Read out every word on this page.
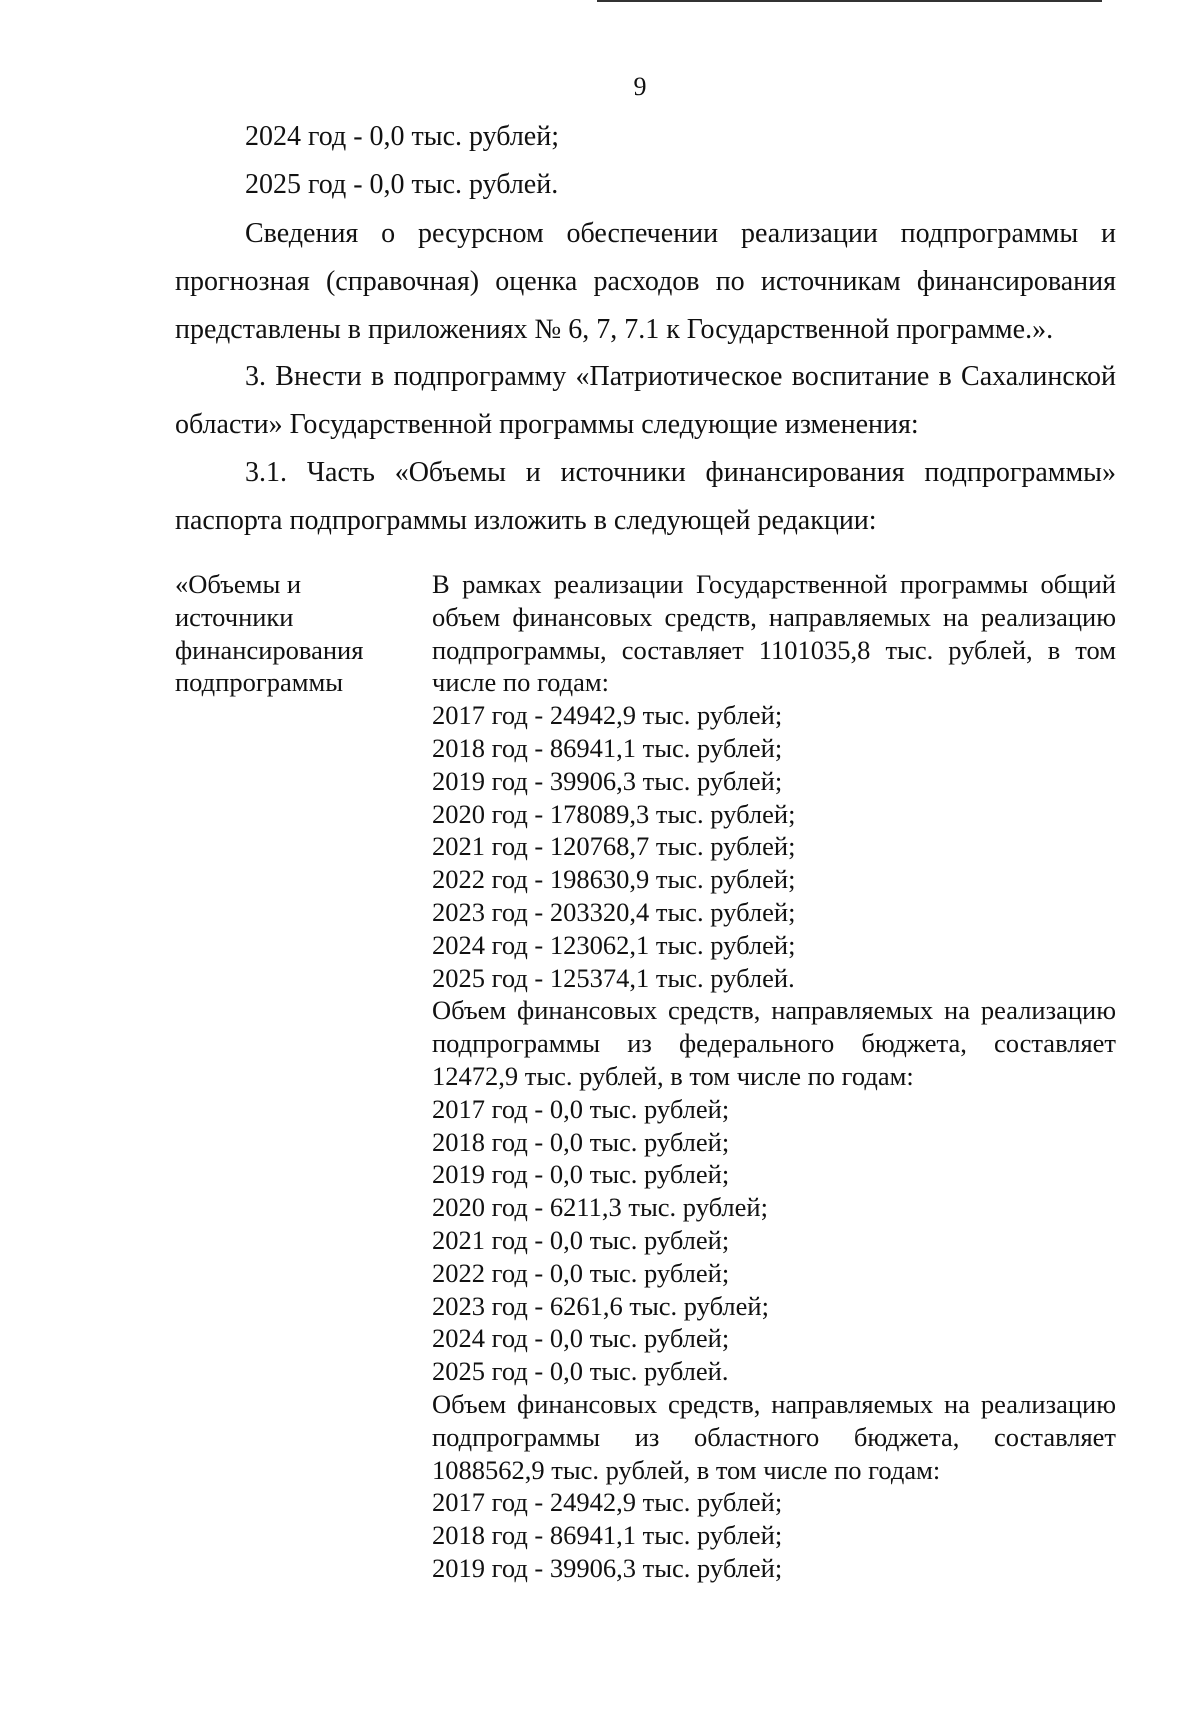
9

2024 год - 0,0 тыс. рублей;

2025 год - 0,0 тыс. рублей.

Сведения о ресурсном обеспечении реализации подпрограммы и прогнозная (справочная) оценка расходов по источникам финансирования представлены в приложениях № 6, 7, 7.1 к Государственной программе.».

3. Внести в подпрограмму «Патриотическое воспитание в Сахалинской области» Государственной программы следующие изменения:

3.1. Часть «Объемы и источники финансирования подпрограммы» паспорта подпрограммы изложить в следующей редакции:

«Объемы и
источники
финансирования
подпрограммы

В рамках реализации Государственной программы общий объем финансовых средств, направляемых на реализацию подпрограммы, составляет 1101035,8 тыс. рублей, в том числе по годам:

2017 год - 24942,9 тыс. рублей;

2018 год - 86941,1 тыс. рублей;

2019 год - 39906,3 тыс. рублей;

2020 год - 178089,3 тыс. рублей;

2021 год - 120768,7 тыс. рублей;

2022 год - 198630,9 тыс. рублей;

2023 год - 203320,4 тыс. рублей;

2024 год - 123062,1 тыс. рублей;

2025 год - 125374,1 тыс. рублей.

Объем финансовых средств, направляемых на реализацию подпрограммы из федерального бюджета, составляет 12472,9 тыс. рублей, в том числе по годам:

2017 год - 0,0 тыс. рублей;

2018 год - 0,0 тыс. рублей;

2019 год - 0,0 тыс. рублей;

2020 год - 6211,3 тыс. рублей;

2021 год - 0,0 тыс. рублей;

2022 год - 0,0 тыс. рублей;

2023 год - 6261,6 тыс. рублей;

2024 год - 0,0 тыс. рублей;

2025 год - 0,0 тыс. рублей.

Объем финансовых средств, направляемых на реализацию подпрограммы из областного бюджета, составляет 1088562,9 тыс. рублей, в том числе по годам:

2017 год - 24942,9 тыс. рублей;

2018 год - 86941,1 тыс. рублей;

2019 год - 39906,3 тыс. рублей;
